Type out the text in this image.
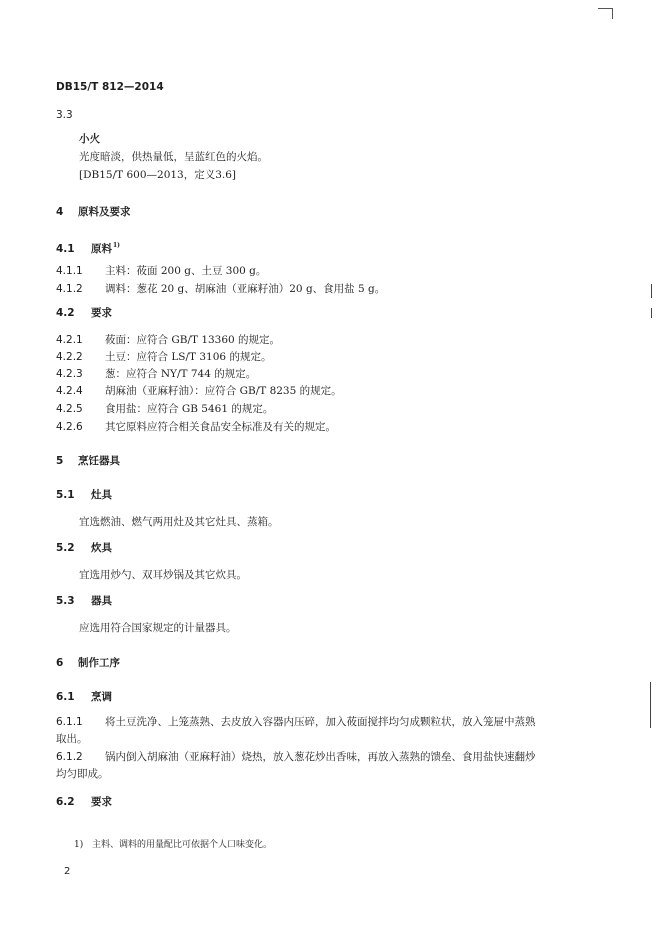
DB15/T 812—2014
3.3
小火
光度暗淡，供热量低，呈蓝红色的火焰。
[DB15/T 600—2013，定义3.6]
4 原料及要求
4.1 原料$^{1)}$
4.1.1 主料：莜面 200 g、土豆 300 g。
4.1.2 调料：葱花 20 g、胡麻油（亚麻籽油）20 g、食用盐 5 g。
4.2 要求
4.2.1 莜面：应符合 GB/T 13360 的规定。
4.2.2 土豆：应符合 LS/T 3106 的规定。
4.2.3 葱：应符合 NY/T 744 的规定。
4.2.4 胡麻油（亚麻籽油）：应符合 GB/T 8235 的规定。
4.2.5 食用盐：应符合 GB 5461 的规定。
4.2.6 其它原料应符合相关食品安全标准及有关的规定。
5 烹饪器具
5.1 灶具
宜选燃油、燃气两用灶及其它灶具、蒸箱。
5.2 炊具
宜选用炒勺、双耳炒锅及其它炊具。
5.3 器具
应选用符合国家规定的计量器具。
6 制作工序
6.1 烹调
6.1.1 将土豆洗净、上笼蒸熟、去皮放入容器内压碎，加入莜面搅拌均匀成颗粒状，放入笼屉中蒸熟
取出。
6.1.2 锅内倒入胡麻油（亚麻籽油）烧热，放入葱花炒出香味，再放入蒸熟的馈垒、食用盐快速翻炒
均匀即成。
6.2 要求
1) 主料、调料的用量配比可依据个人口味变化。
2
